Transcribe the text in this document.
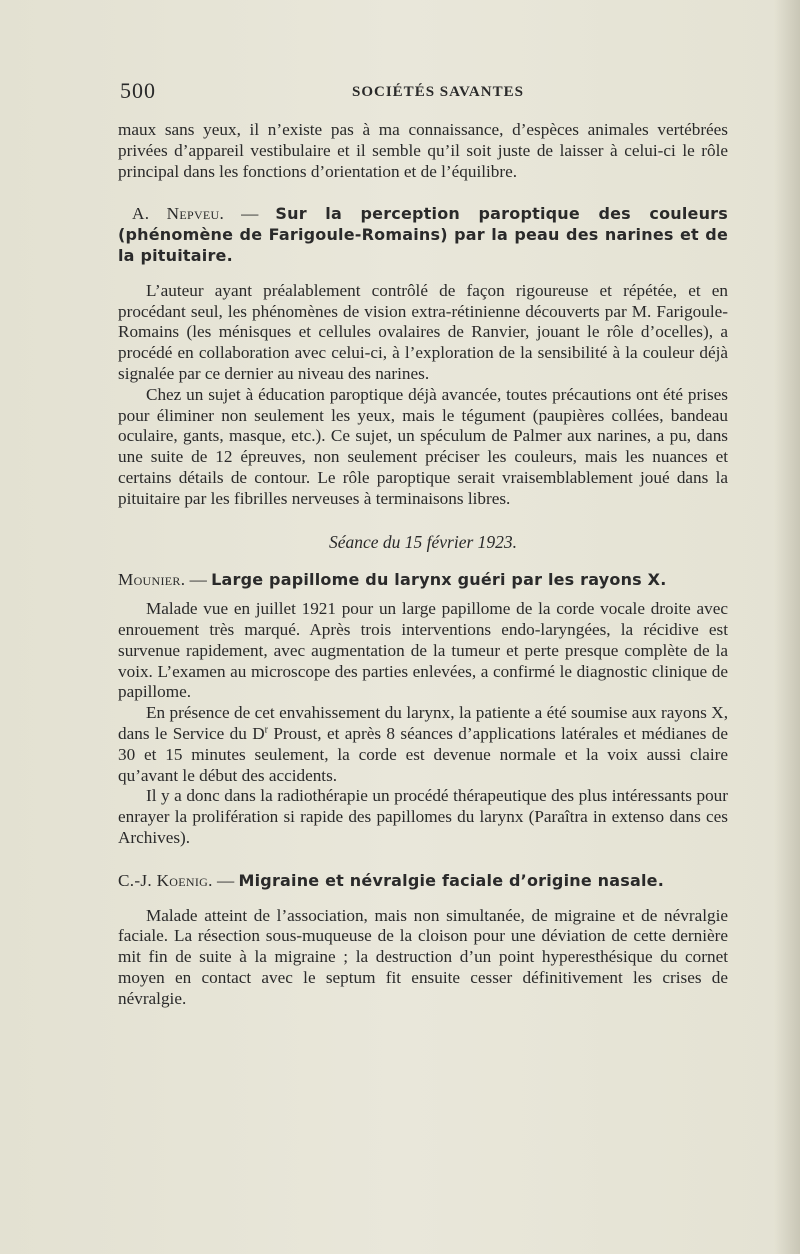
500	SOCIÉTÉS SAVANTES

maux sans yeux, il n’existe pas à ma connaissance, d’espèces animales vertébrées privées d’appareil vestibulaire et il semble qu’il soit juste de laisser à celui-ci le rôle principal dans les fonctions d’orientation et de l’équilibre.

A. Nepveu. — Sur la perception paroptique des couleurs (phénomène de Farigoule-Romains) par la peau des narines et de la pituitaire.

L’auteur ayant préalablement contrôlé de façon rigoureuse et répétée, et en procédant seul, les phénomènes de vision extra-rétinienne découverts par M. Farigoule-Romains (les ménisques et cellules ovalaires de Ranvier, jouant le rôle d’ocelles), a procédé en collaboration avec celui-ci, à l’exploration de la sensibilité à la couleur déjà signalée par ce dernier au niveau des narines.

Chez un sujet à éducation paroptique déjà avancée, toutes précautions ont été prises pour éliminer non seulement les yeux, mais le tégument (paupières collées, bandeau oculaire, gants, masque, etc.). Ce sujet, un spéculum de Palmer aux narines, a pu, dans une suite de 12 épreuves, non seulement préciser les couleurs, mais les nuances et certains détails de contour. Le rôle paroptique serait vraisemblablement joué dans la pituitaire par les fibrilles nerveuses à terminaisons libres.

Séance du 15 février 1923.

Mounier. — Large papillome du larynx guéri par les rayons X.

Malade vue en juillet 1921 pour un large papillome de la corde vocale droite avec enrouement très marqué. Après trois interventions endo-laryngées, la récidive est survenue rapidement, avec augmentation de la tumeur et perte presque complète de la voix. L’examen au microscope des parties enlevées, a confirmé le diagnostic clinique de papillome.

En présence de cet envahissement du larynx, la patiente a été soumise aux rayons X, dans le Service du $D^r$ Proust, et après 8 séances d’applications latérales et médianes de 30 et 15 minutes seulement, la corde est devenue normale et la voix aussi claire qu’avant le début des accidents.

Il y a donc dans la radiothérapie un procédé thérapeutique des plus intéressants pour enrayer la prolifération si rapide des papillomes du larynx (Paraîtra in extenso dans ces Archives).

C.-J. Koenig. — Migraine et névralgie faciale d’origine nasale.

Malade atteint de l’association, mais non simultanée, de migraine et de névralgie faciale. La résection sous-muqueuse de la cloison pour une déviation de cette dernière mit fin de suite à la migraine ; la destruction d’un point hyperesthésique du cornet moyen en contact avec le septum fit ensuite cesser définitivement les crises de névralgie.
